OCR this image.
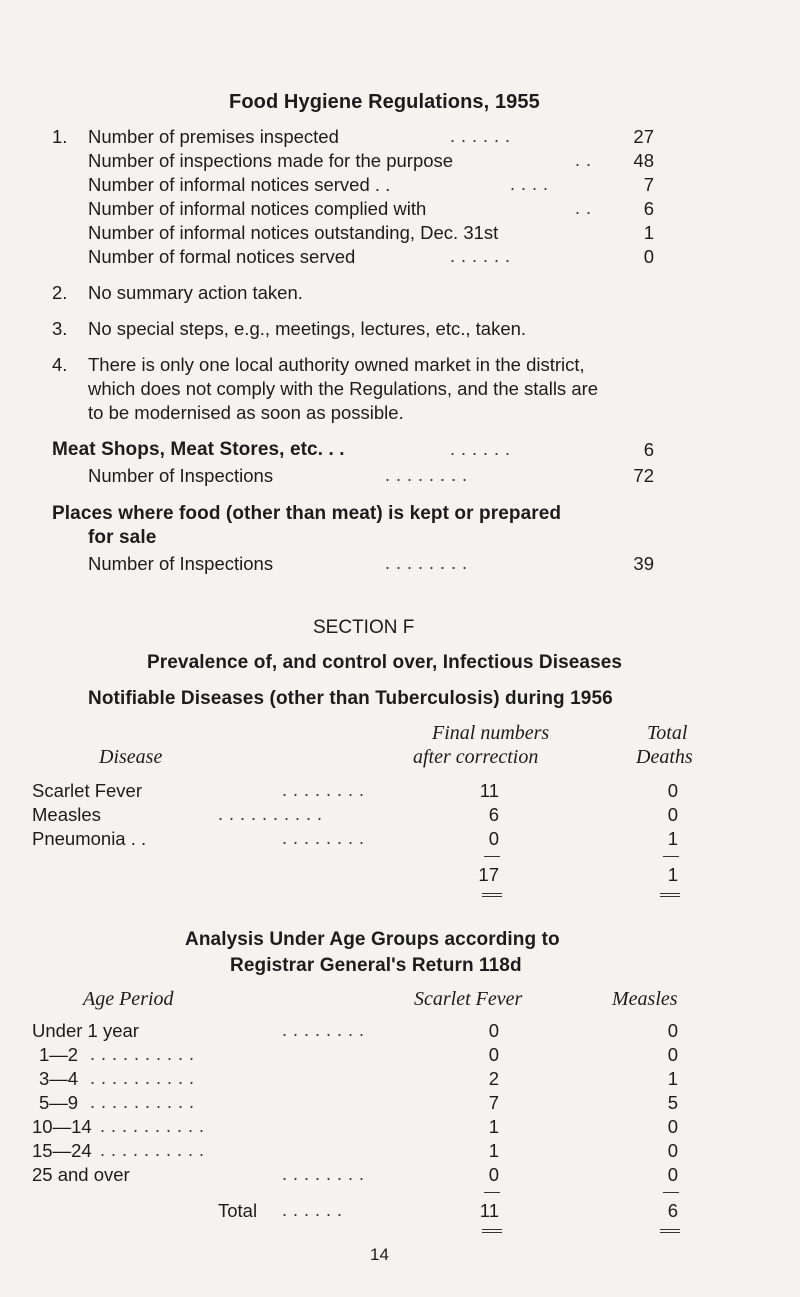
Food Hygiene Regulations, 1955
1. Number of premises inspected	. . . . . .	27
Number of inspections made for the purpose	. .	48
Number of informal notices served . .	. . . .	7
Number of informal notices complied with	. .	6
Number of informal notices outstanding, Dec. 31st	1
Number of formal notices served	. . . . . .	0
2. No summary action taken.
3. No special steps, e.g., meetings, lectures, etc., taken.
4. There is only one local authority owned market in the district,
which does not comply with the Regulations, and the stalls are
to be modernised as soon as possible.
Meat Shops, Meat Stores, etc. . .	. . . . . .	6
Number of Inspections	. . . . . . . .	72
Places where food (other than meat) is kept or prepared
for sale
Number of Inspections	. . . . . . . .	39
SECTION F
Prevalence of, and control over, Infectious Diseases
Notifiable Diseases (other than Tuberculosis) during 1956
Final numbers	Total
Disease	after correction	Deaths
Scarlet Fever	. . . . . . . .	11	0
Measles	. . . . . . . . . .	6	0
Pneumonia . .	. . . . . . . .	0	1
17	1
Analysis Under Age Groups according to
Registrar General's Return 118d
Age Period	Scarlet Fever	Measles
Under 1 year	. . . . . . . .	0	0
1—2 . . . . . . . . . .	0	0
3—4 . . . . . . . . . .	2	1
5—9 . . . . . . . . . .	7	5
10—14 . . . . . . . . . .	1	0
15—24 . . . . . . . . . .	1	0
25 and over	. . . . . . . .	0	0
Total . . . . . .	11	6
14
